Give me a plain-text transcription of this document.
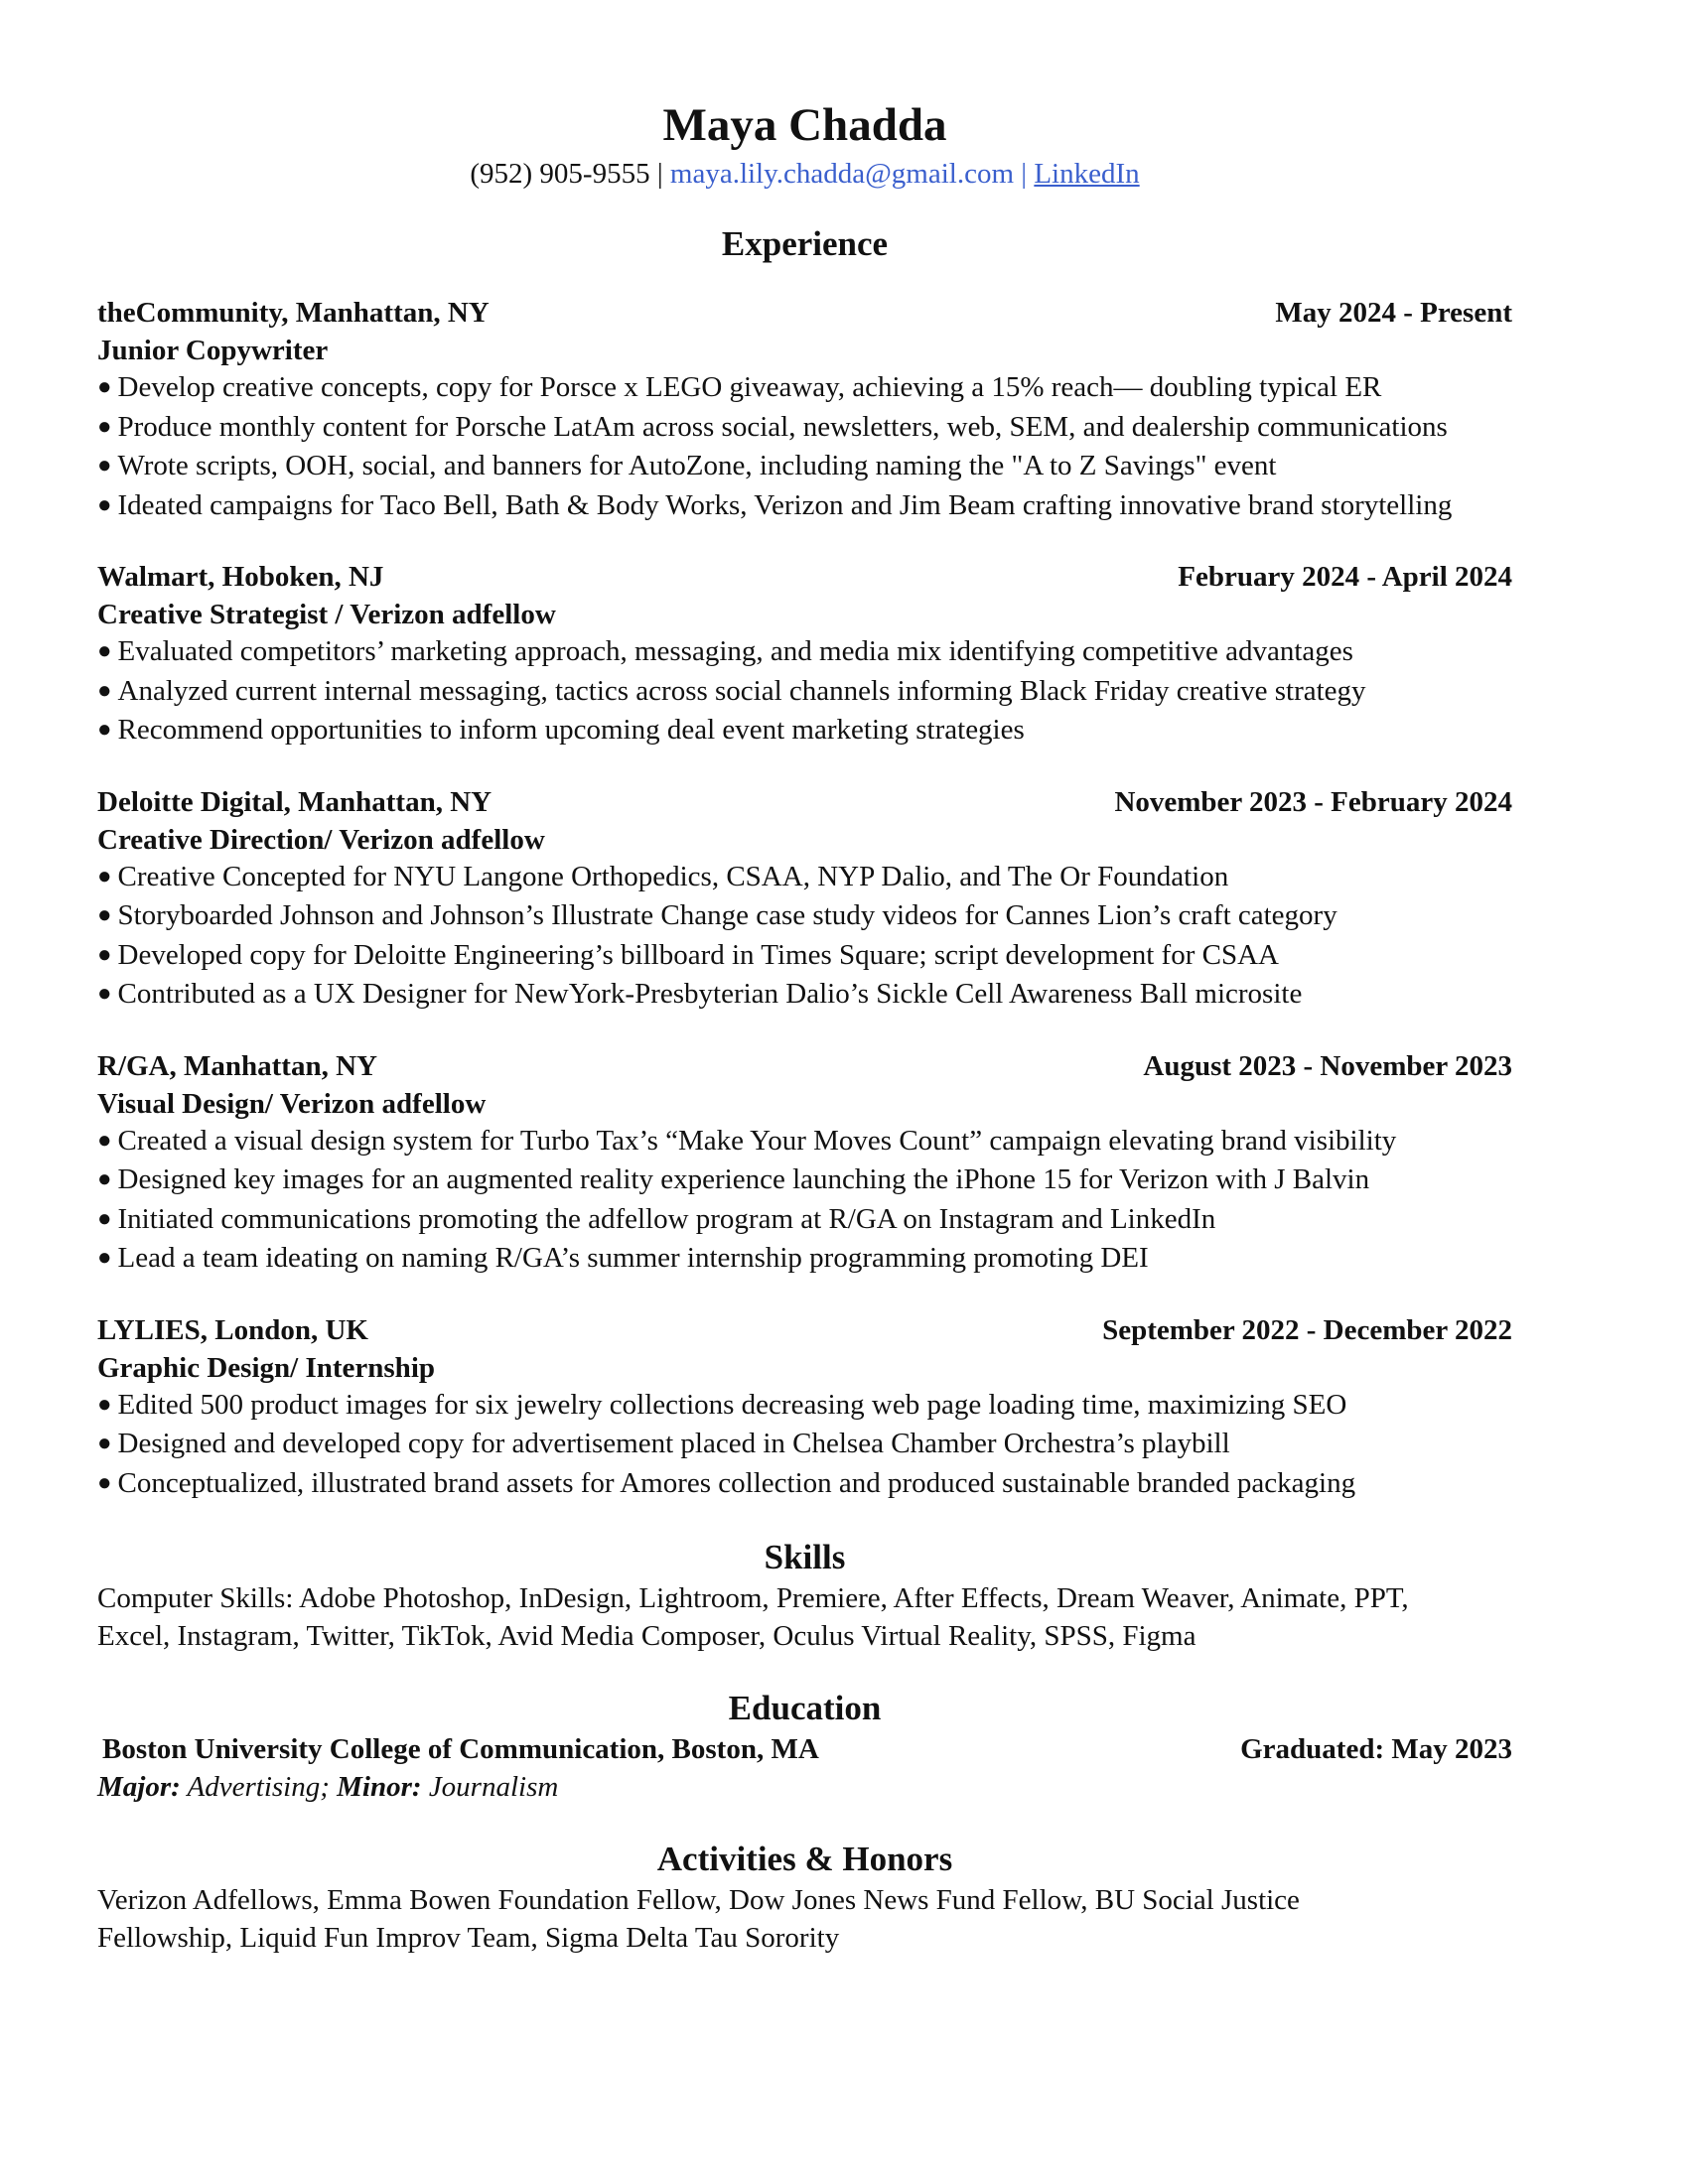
Maya Chadda
(952) 905-9555 | maya.lily.chadda@gmail.com | LinkedIn
Experience
theCommunity, Manhattan, NY	May 2024 - Present
Junior Copywriter
● Develop creative concepts, copy for Porsce x LEGO giveaway, achieving a 15% reach— doubling typical ER
● Produce monthly content for Porsche LatAm across social, newsletters, web, SEM, and dealership communications
● Wrote scripts, OOH, social, and banners for AutoZone, including naming the "A to Z Savings" event
● Ideated campaigns for Taco Bell, Bath & Body Works, Verizon and Jim Beam crafting innovative brand storytelling
Walmart, Hoboken, NJ	February 2024 - April 2024
Creative Strategist / Verizon adfellow
● Evaluated competitors’ marketing approach, messaging, and media mix identifying competitive advantages
● Analyzed current internal messaging, tactics across social channels informing Black Friday creative strategy
● Recommend opportunities to inform upcoming deal event marketing strategies
Deloitte Digital, Manhattan, NY	November 2023 - February 2024
Creative Direction/ Verizon adfellow
● Creative Concepted for NYU Langone Orthopedics, CSAA, NYP Dalio, and The Or Foundation
● Storyboarded Johnson and Johnson’s Illustrate Change case study videos for Cannes Lion’s craft category
● Developed copy for Deloitte Engineering’s billboard in Times Square; script development for CSAA
● Contributed as a UX Designer for NewYork-Presbyterian Dalio’s Sickle Cell Awareness Ball microsite
R/GA, Manhattan, NY	August 2023 - November 2023
Visual Design/ Verizon adfellow
● Created a visual design system for Turbo Tax’s “Make Your Moves Count” campaign elevating brand visibility
● Designed key images for an augmented reality experience launching the iPhone 15 for Verizon with J Balvin
● Initiated communications promoting the adfellow program at R/GA on Instagram and LinkedIn
● Lead a team ideating on naming R/GA’s summer internship programming promoting DEI
LYLIES, London, UK	September 2022 - December 2022
Graphic Design/ Internship
● Edited 500 product images for six jewelry collections decreasing web page loading time, maximizing SEO
● Designed and developed copy for advertisement placed in Chelsea Chamber Orchestra’s playbill
● Conceptualized, illustrated brand assets for Amores collection and produced sustainable branded packaging
Skills
Computer Skills: Adobe Photoshop, InDesign, Lightroom, Premiere, After Effects, Dream Weaver, Animate, PPT,
Excel, Instagram, Twitter, TikTok, Avid Media Composer, Oculus Virtual Reality, SPSS, Figma
Education
Boston University College of Communication, Boston, MA	Graduated: May 2023
Major: Advertising; Minor: Journalism
Activities & Honors
Verizon Adfellows, Emma Bowen Foundation Fellow, Dow Jones News Fund Fellow, BU Social Justice
Fellowship, Liquid Fun Improv Team, Sigma Delta Tau Sorority
